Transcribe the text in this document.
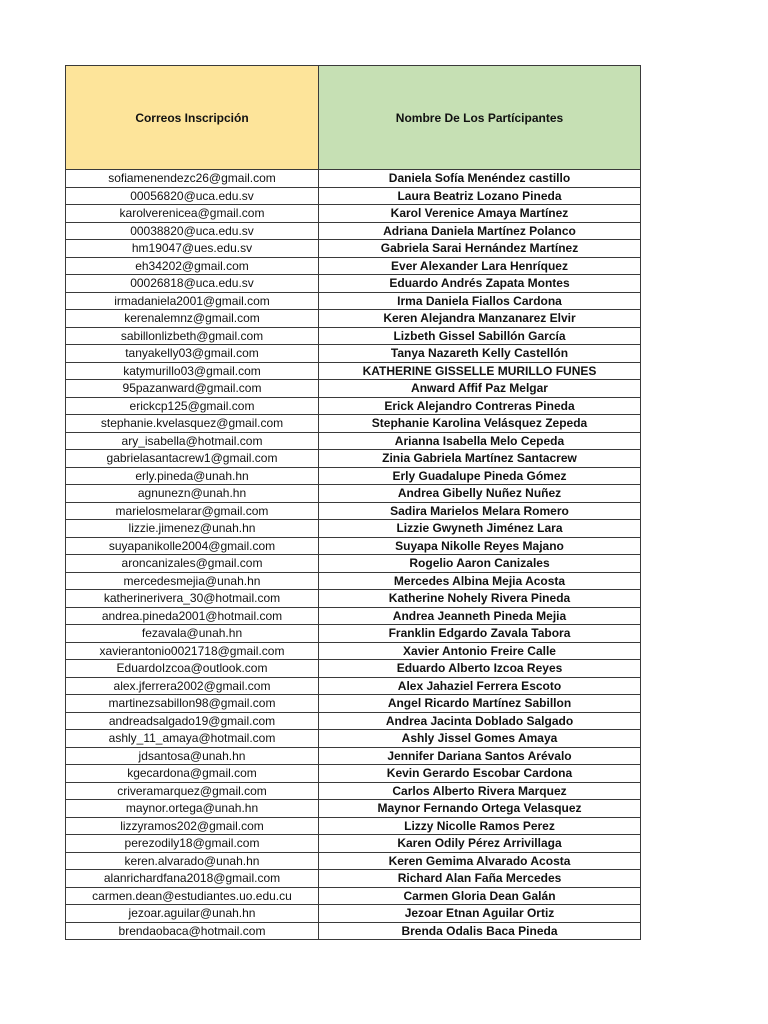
Correos Inscripción	Nombre De Los Partícipantes
sofiamenendezc26@gmail.com	Daniela Sofía Menéndez castillo
00056820@uca.edu.sv	Laura Beatriz Lozano Pineda
karolverenicea@gmail.com	Karol Verenice Amaya Martínez
00038820@uca.edu.sv	Adriana Daniela Martínez Polanco
hm19047@ues.edu.sv	Gabriela Sarai Hernández Martínez
eh34202@gmail.com	Ever Alexander Lara Henríquez
00026818@uca.edu.sv	Eduardo Andrés Zapata Montes
irmadaniela2001@gmail.com	Irma Daniela Fiallos Cardona
kerenalemnz@gmail.com	Keren Alejandra Manzanarez Elvir
sabillonlizbeth@gmail.com	Lizbeth Gissel Sabillón García
tanyakelly03@gmail.com	Tanya Nazareth Kelly Castellón
katymurillo03@gmail.com	KATHERINE GISSELLE MURILLO FUNES
95pazanward@gmail.com	Anward Affif Paz Melgar
erickcp125@gmail.com	Erick Alejandro Contreras Pineda
stephanie.kvelasquez@gmail.com	Stephanie Karolina Velásquez Zepeda
ary_isabella@hotmail.com	Arianna Isabella Melo Cepeda
gabrielasantacrew1@gmail.com	Zinia Gabriela Martínez Santacrew
erly.pineda@unah.hn	Erly Guadalupe Pineda Gómez
agnunezn@unah.hn	Andrea Gibelly Nuñez Nuñez
marielosmelarar@gmail.com	Sadira Marielos Melara Romero
lizzie.jimenez@unah.hn	Lizzie Gwyneth Jiménez Lara
suyapanikolle2004@gmail.com	Suyapa Nikolle Reyes Majano
aroncanizales@gmail.com	Rogelio Aaron Canizales
mercedesmejia@unah.hn	Mercedes Albina Mejia Acosta
katherinerivera_30@hotmail.com	Katherine Nohely Rivera Pineda
andrea.pineda2001@hotmail.com	Andrea Jeanneth Pineda Mejia
fezavala@unah.hn	Franklin Edgardo Zavala Tabora
xavierantonio0021718@gmail.com	Xavier Antonio Freire Calle
EduardoIzcoa@outlook.com	Eduardo Alberto Izcoa Reyes
alex.jferrera2002@gmail.com	Alex Jahaziel Ferrera Escoto
martinezsabillon98@gmail.com	Angel Ricardo Martínez Sabillon
andreadsalgado19@gmail.com	Andrea Jacinta Doblado Salgado
ashly_11_amaya@hotmail.com	Ashly Jissel Gomes Amaya
jdsantosa@unah.hn	Jennifer Dariana Santos Arévalo
kgecardona@gmail.com	Kevin Gerardo Escobar Cardona
criveramarquez@gmail.com	Carlos Alberto Rivera Marquez
maynor.ortega@unah.hn	Maynor Fernando Ortega Velasquez
lizzyramos202@gmail.com	Lizzy Nicolle Ramos Perez
perezodily18@gmail.com	Karen Odily Pérez Arrivillaga
keren.alvarado@unah.hn	Keren Gemima Alvarado Acosta
alanrichardfana2018@gmail.com	Richard Alan Faña Mercedes
carmen.dean@estudiantes.uo.edu.cu	Carmen Gloria Dean Galán
jezoar.aguilar@unah.hn	Jezoar Etnan Aguilar Ortiz
brendaobaca@hotmail.com	Brenda Odalis Baca Pineda
